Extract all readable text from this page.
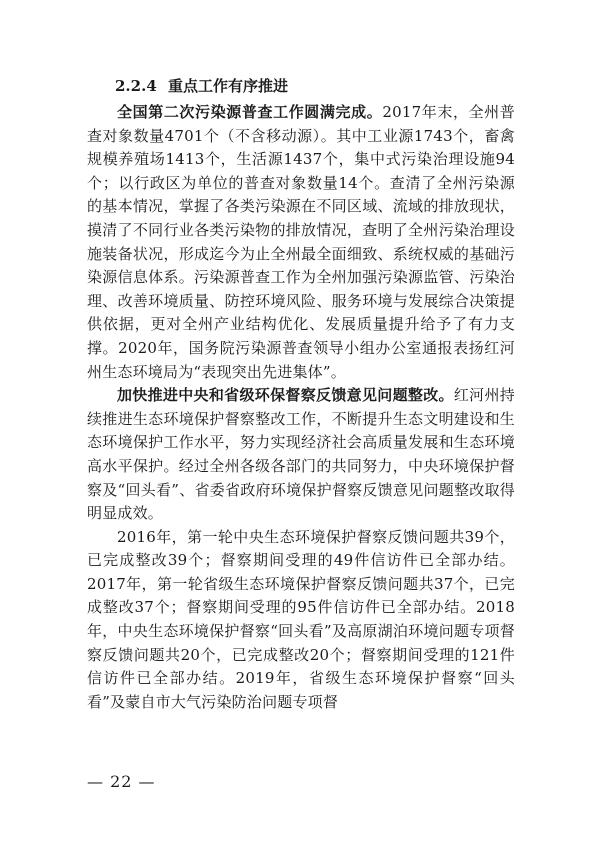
2.2.4 重点工作有序推进

全国第二次污染源普查工作圆满完成。2017年末，全州普查对象数量4701个（不含移动源）。其中工业源1743个，畜禽规模养殖场1413个，生活源1437个，集中式污染治理设施94个；以行政区为单位的普查对象数量14个。查清了全州污染源的基本情况，掌握了各类污染源在不同区域、流域的排放现状，摸清了不同行业各类污染物的排放情况，查明了全州污染治理设施装备状况，形成迄今为止全州最全面细致、系统权威的基础污染源信息体系。污染源普查工作为全州加强污染源监管、污染治理、改善环境质量、防控环境风险、服务环境与发展综合决策提供依据，更对全州产业结构优化、发展质量提升给予了有力支撑。2020年，国务院污染源普查领导小组办公室通报表扬红河州生态环境局为“表现突出先进集体”。

加快推进中央和省级环保督察反馈意见问题整改。红河州持续推进生态环境保护督察整改工作，不断提升生态文明建设和生态环境保护工作水平，努力实现经济社会高质量发展和生态环境高水平保护。经过全州各级各部门的共同努力，中央环境保护督察及“回头看”、省委省政府环境保护督察反馈意见问题整改取得明显成效。

2016年，第一轮中央生态环境保护督察反馈问题共39个，已完成整改39个；督察期间受理的49件信访件已全部办结。2017年，第一轮省级生态环境保护督察反馈问题共37个，已完成整改37个；督察期间受理的95件信访件已全部办结。2018年，中央生态环境保护督察“回头看”及高原湖泊环境问题专项督察反馈问题共20个，已完成整改20个；督察期间受理的121件信访件已全部办结。2019年，省级生态环境保护督察“回头看”及蒙自市大气污染防治问题专项督

— 22 —
